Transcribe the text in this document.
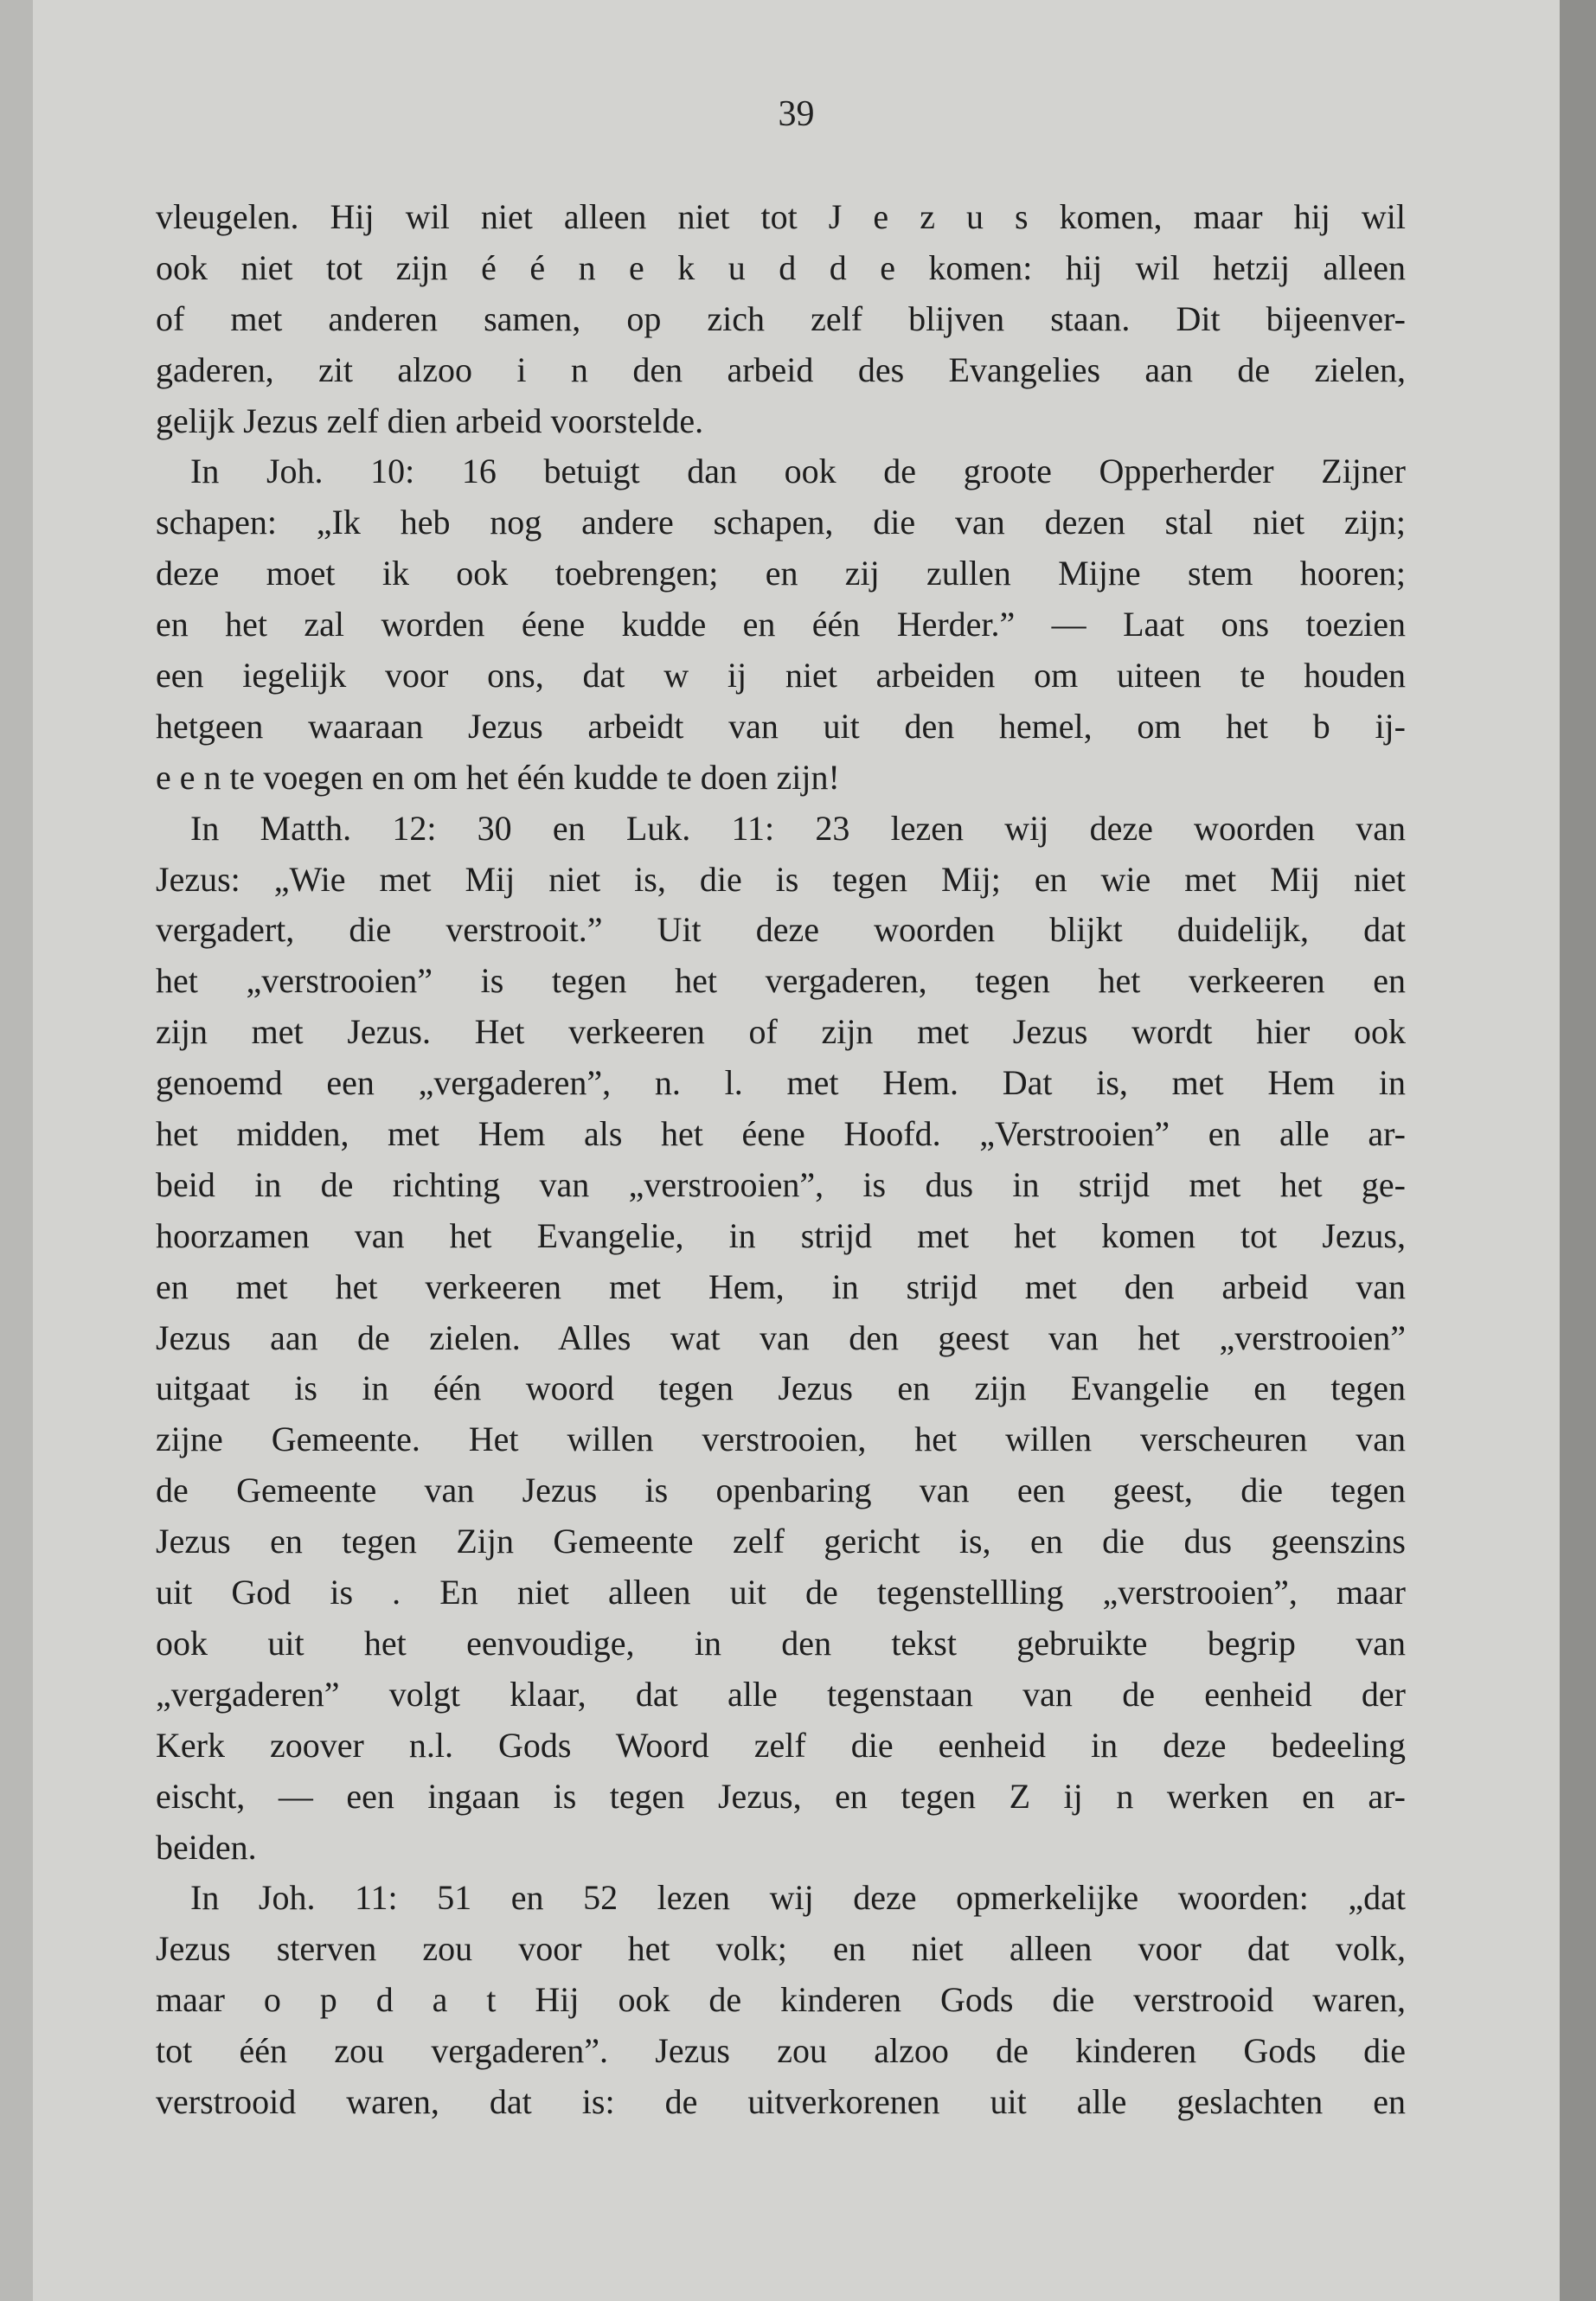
39

vleugelen. Hij wil niet alleen niet tot J e z u s komen, maar hij wil
ook niet tot zijn é é n e k u d d e komen: hij wil hetzij alleen
of met anderen samen, op zich zelf blijven staan. Dit bijeenver-
gaderen, zit alzoo i n den arbeid des Evangelies aan de zielen,
gelijk Jezus zelf dien arbeid voorstelde.
In Joh. 10: 16 betuigt dan ook de groote Opperherder Zijner
schapen: „Ik heb nog andere schapen, die van dezen stal niet zijn;
deze moet ik ook toebrengen; en zij zullen Mijne stem hooren;
en het zal worden éene kudde en één Herder.” — Laat ons toezien
een iegelijk voor ons, dat w ij niet arbeiden om uiteen te houden
hetgeen waaraan Jezus arbeidt van uit den hemel, om het b ij-
e e n te voegen en om het één kudde te doen zijn!
In Matth. 12: 30 en Luk. 11: 23 lezen wij deze woorden van
Jezus: „Wie met Mij niet is, die is tegen Mij; en wie met Mij niet
vergadert, die verstrooit.” Uit deze woorden blijkt duidelijk, dat
het „verstrooien” is tegen het vergaderen, tegen het verkeeren en
zijn met Jezus. Het verkeeren of zijn met Jezus wordt hier ook
genoemd een „vergaderen”, n. l. met Hem. Dat is, met Hem in
het midden, met Hem als het éene Hoofd. „Verstrooien” en alle ar-
beid in de richting van „verstrooien”, is dus in strijd met het ge-
hoorzamen van het Evangelie, in strijd met het komen tot Jezus,
en met het verkeeren met Hem, in strijd met den arbeid van
Jezus aan de zielen. Alles wat van den geest van het „verstrooien”
uitgaat is in één woord tegen Jezus en zijn Evangelie en tegen
zijne Gemeente. Het willen verstrooien, het willen verscheuren van
de Gemeente van Jezus is openbaring van een geest, die tegen
Jezus en tegen Zijn Gemeente zelf gericht is, en die dus geenszins
uit God is . En niet alleen uit de tegenstellling „verstrooien”, maar
ook uit het eenvoudige, in den tekst gebruikte begrip van
„vergaderen” volgt klaar, dat alle tegenstaan van de eenheid der
Kerk zoover n.l. Gods Woord zelf die eenheid in deze bedeeling
eischt, — een ingaan is tegen Jezus, en tegen Z ij n werken en ar-
beiden.
In Joh. 11: 51 en 52 lezen wij deze opmerkelijke woorden: „dat
Jezus sterven zou voor het volk; en niet alleen voor dat volk,
maar o p d a t Hij ook de kinderen Gods die verstrooid waren,
tot één zou vergaderen”. Jezus zou alzoo de kinderen Gods die
verstrooid waren, dat is: de uitverkorenen uit alle geslachten en
